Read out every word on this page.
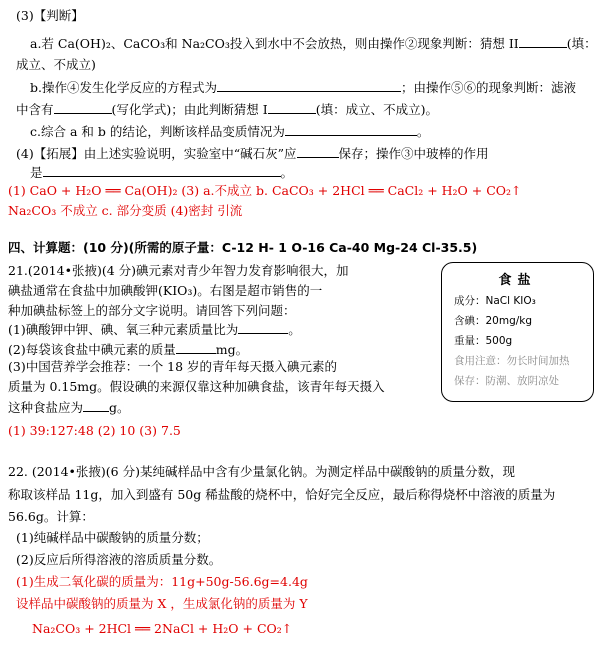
(3)【判断】
a.若 Ca(OH)₂、CaCO₃和 Na₂CO₃投入到水中不会放热，则由操作②现象判断：猜想 II	(填：
成立、不成立)
b.操作④发生化学反应的方程式为	；由操作⑤⑥的现象判断：滤液
中含有	(写化学式)；由此判断猜想 I	(填：成立、不成立)。
c.综合 a 和 b 的结论，判断该样品变质情况为	。
(4)【拓展】由上述实验说明，实验室中“碱石灰”应	保存；操作③中玻棒的作用
是	。
(1) CaO + H₂O ══ Ca(OH)₂ (3) a.不成立 b. CaCO₃ + 2HCl ══ CaCl₂ + H₂O + CO₂↑
Na₂CO₃ 不成立 c. 部分变质 (4)密封 引流
四、计算题：(10 分)(所需的原子量：C-12 H- 1 O-16 Ca-40 Mg-24 Cl-35.5)
21.(2014•张掖)(4 分)碘元素对青少年智力发育影响很大，加
碘盐通常在食盐中加碘酸钾(KIO₃)。右图是超市销售的一
种加碘盐标签上的部分文字说明。请回答下列问题：
(1)碘酸钾中钾、碘、氧三种元素质量比为	。
(2)每袋该食盐中碘元素的质量	mg。
(3)中国营养学会推荐：一个 18 岁的青年每天摄入碘元素的
质量为 0.15mg。假设碘的来源仅靠这种加碘食盐，该青年每天摄入
这种食盐应为 g。
(1) 39:127:48 (2) 10 (3) 7.5
食盐
成分：NaCl KIO₃
含碘：20mg/kg
重量：500g
食用注意：勿长时间加热
保存：防潮、放阴凉处
22. (2014•张掖)(6 分)某纯碱样品中含有少量氯化钠。为测定样品中碳酸钠的质量分数，现
称取该样品 11g，加入到盛有 50g 稀盐酸的烧杯中，恰好完全反应，最后称得烧杯中溶液的质量为
56.6g。计算：
(1)纯碱样品中碳酸钠的质量分数；
(2)反应后所得溶液的溶质质量分数。
(1)生成二氧化碳的质量为：11g+50g-56.6g=4.4g
设样品中碳酸钠的质量为 X ，生成氯化钠的质量为 Y
Na₂CO₃ + 2HCl ══ 2NaCl + H₂O + CO₂↑
